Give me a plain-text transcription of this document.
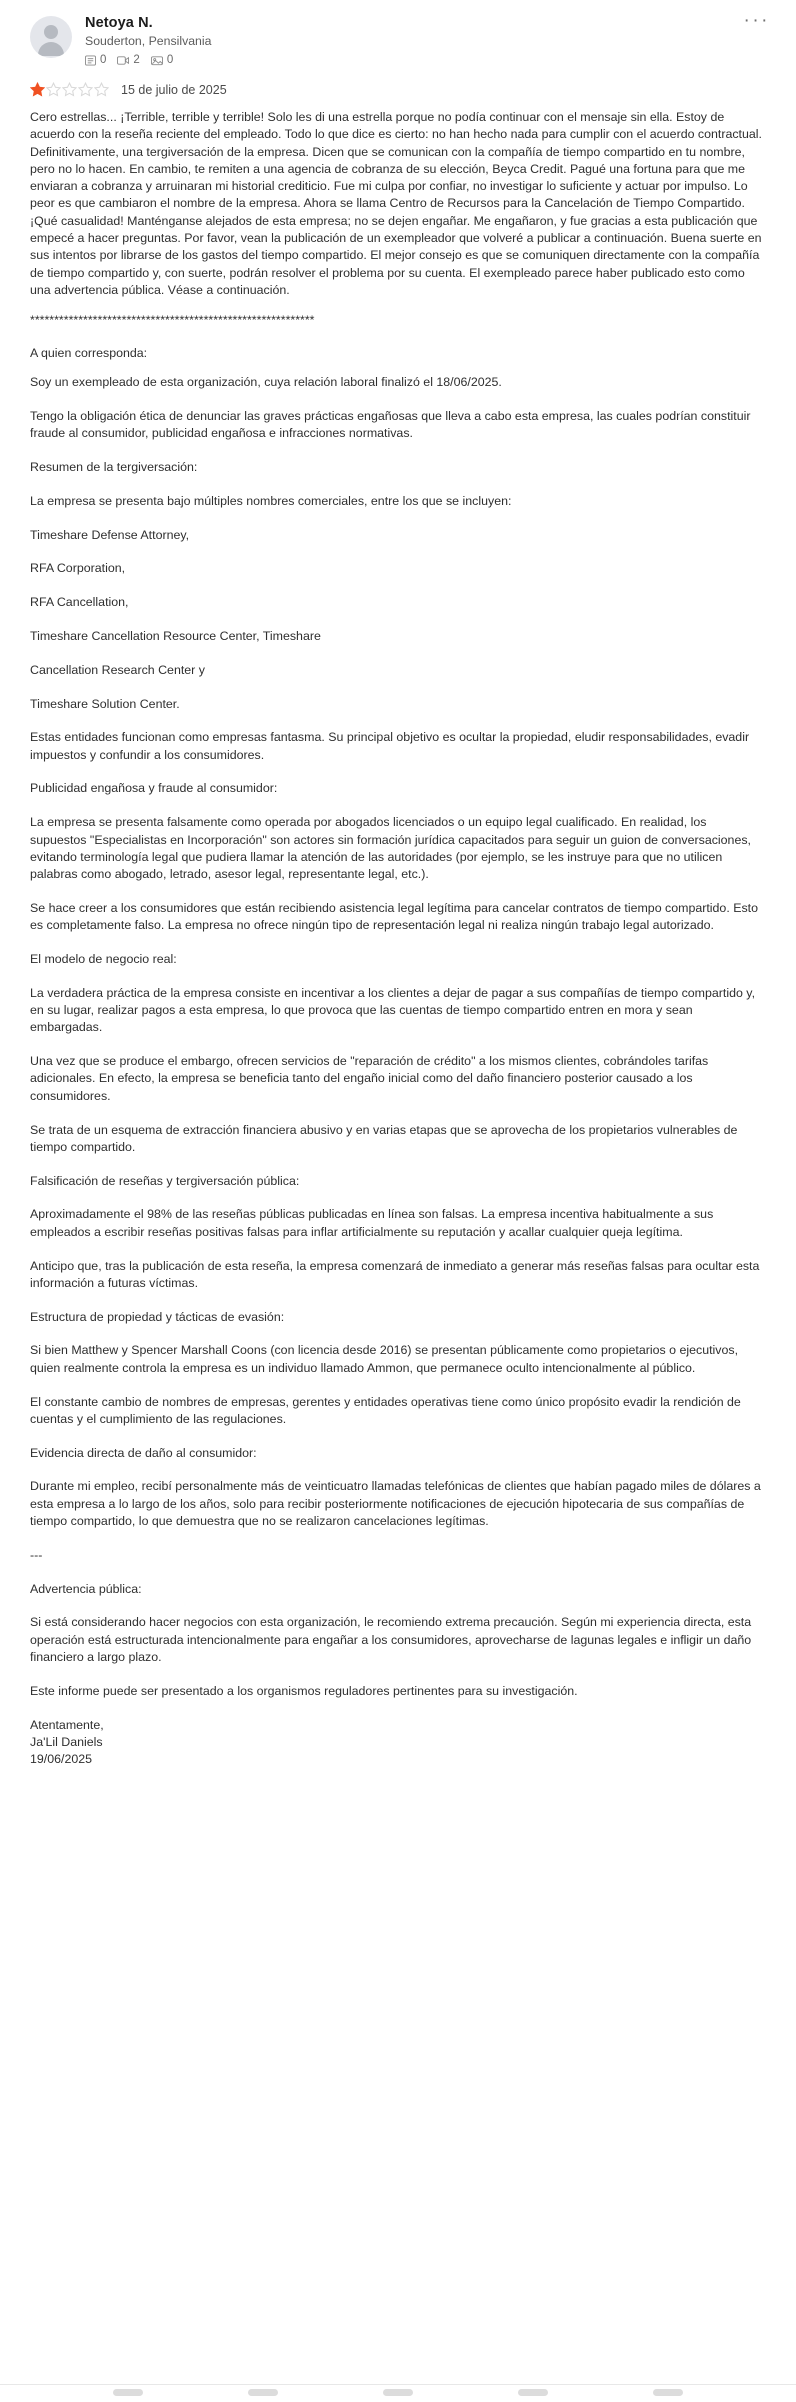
Netoya N.
Souderton, Pensilvania
0 2 0
···
15 de julio de 2025

Cero estrellas... ¡Terrible, terrible y terrible! Solo les di una estrella porque no podía continuar con el mensaje sin ella. Estoy de acuerdo con la reseña reciente del empleado. Todo lo que dice es cierto: no han hecho nada para cumplir con el acuerdo contractual. Definitivamente, una tergiversación de la empresa. Dicen que se comunican con la compañía de tiempo compartido en tu nombre, pero no lo hacen. En cambio, te remiten a una agencia de cobranza de su elección, Beyca Credit. Pagué una fortuna para que me enviaran a cobranza y arruinaran mi historial crediticio. Fue mi culpa por confiar, no investigar lo suficiente y actuar por impulso. Lo peor es que cambiaron el nombre de la empresa. Ahora se llama Centro de Recursos para la Cancelación de Tiempo Compartido. ¡Qué casualidad! Manténganse alejados de esta empresa; no se dejen engañar. Me engañaron, y fue gracias a esta publicación que empecé a hacer preguntas. Por favor, vean la publicación de un exempleador que volveré a publicar a continuación. Buena suerte en sus intentos por librarse de los gastos del tiempo compartido. El mejor consejo es que se comuniquen directamente con la compañía de tiempo compartido y, con suerte, podrán resolver el problema por su cuenta. El exempleado parece haber publicado esto como una advertencia pública. Véase a continuación.

***********************************************************

A quien corresponda:

Soy un exempleado de esta organización, cuya relación laboral finalizó el 18/06/2025.

Tengo la obligación ética de denunciar las graves prácticas engañosas que lleva a cabo esta empresa, las cuales podrían constituir fraude al consumidor, publicidad engañosa e infracciones normativas.

Resumen de la tergiversación:

La empresa se presenta bajo múltiples nombres comerciales, entre los que se incluyen:

Timeshare Defense Attorney,

RFA Corporation,

RFA Cancellation,

Timeshare Cancellation Resource Center, Timeshare

Cancellation Research Center y

Timeshare Solution Center.

Estas entidades funcionan como empresas fantasma. Su principal objetivo es ocultar la propiedad, eludir responsabilidades, evadir impuestos y confundir a los consumidores.

Publicidad engañosa y fraude al consumidor:

La empresa se presenta falsamente como operada por abogados licenciados o un equipo legal cualificado. En realidad, los supuestos "Especialistas en Incorporación" son actores sin formación jurídica capacitados para seguir un guion de conversaciones, evitando terminología legal que pudiera llamar la atención de las autoridades (por ejemplo, se les instruye para que no utilicen palabras como abogado, letrado, asesor legal, representante legal, etc.).

Se hace creer a los consumidores que están recibiendo asistencia legal legítima para cancelar contratos de tiempo compartido. Esto es completamente falso. La empresa no ofrece ningún tipo de representación legal ni realiza ningún trabajo legal autorizado.

El modelo de negocio real:

La verdadera práctica de la empresa consiste en incentivar a los clientes a dejar de pagar a sus compañías de tiempo compartido y, en su lugar, realizar pagos a esta empresa, lo que provoca que las cuentas de tiempo compartido entren en mora y sean embargadas.

Una vez que se produce el embargo, ofrecen servicios de "reparación de crédito" a los mismos clientes, cobrándoles tarifas adicionales. En efecto, la empresa se beneficia tanto del engaño inicial como del daño financiero posterior causado a los consumidores.

Se trata de un esquema de extracción financiera abusivo y en varias etapas que se aprovecha de los propietarios vulnerables de tiempo compartido.

Falsificación de reseñas y tergiversación pública:

Aproximadamente el 98% de las reseñas públicas publicadas en línea son falsas. La empresa incentiva habitualmente a sus empleados a escribir reseñas positivas falsas para inflar artificialmente su reputación y acallar cualquier queja legítima.

Anticipo que, tras la publicación de esta reseña, la empresa comenzará de inmediato a generar más reseñas falsas para ocultar esta información a futuras víctimas.

Estructura de propiedad y tácticas de evasión:

Si bien Matthew y Spencer Marshall Coons (con licencia desde 2016) se presentan públicamente como propietarios o ejecutivos, quien realmente controla la empresa es un individuo llamado Ammon, que permanece oculto intencionalmente al público.

El constante cambio de nombres de empresas, gerentes y entidades operativas tiene como único propósito evadir la rendición de cuentas y el cumplimiento de las regulaciones.

Evidencia directa de daño al consumidor:

Durante mi empleo, recibí personalmente más de veinticuatro llamadas telefónicas de clientes que habían pagado miles de dólares a esta empresa a lo largo de los años, solo para recibir posteriormente notificaciones de ejecución hipotecaria de sus compañías de tiempo compartido, lo que demuestra que no se realizaron cancelaciones legítimas.

---

Advertencia pública:

Si está considerando hacer negocios con esta organización, le recomiendo extrema precaución. Según mi experiencia directa, esta operación está estructurada intencionalmente para engañar a los consumidores, aprovecharse de lagunas legales e infligir un daño financiero a largo plazo.

Este informe puede ser presentado a los organismos reguladores pertinentes para su investigación.

Atentamente,
Ja'Lil Daniels
19/06/2025
